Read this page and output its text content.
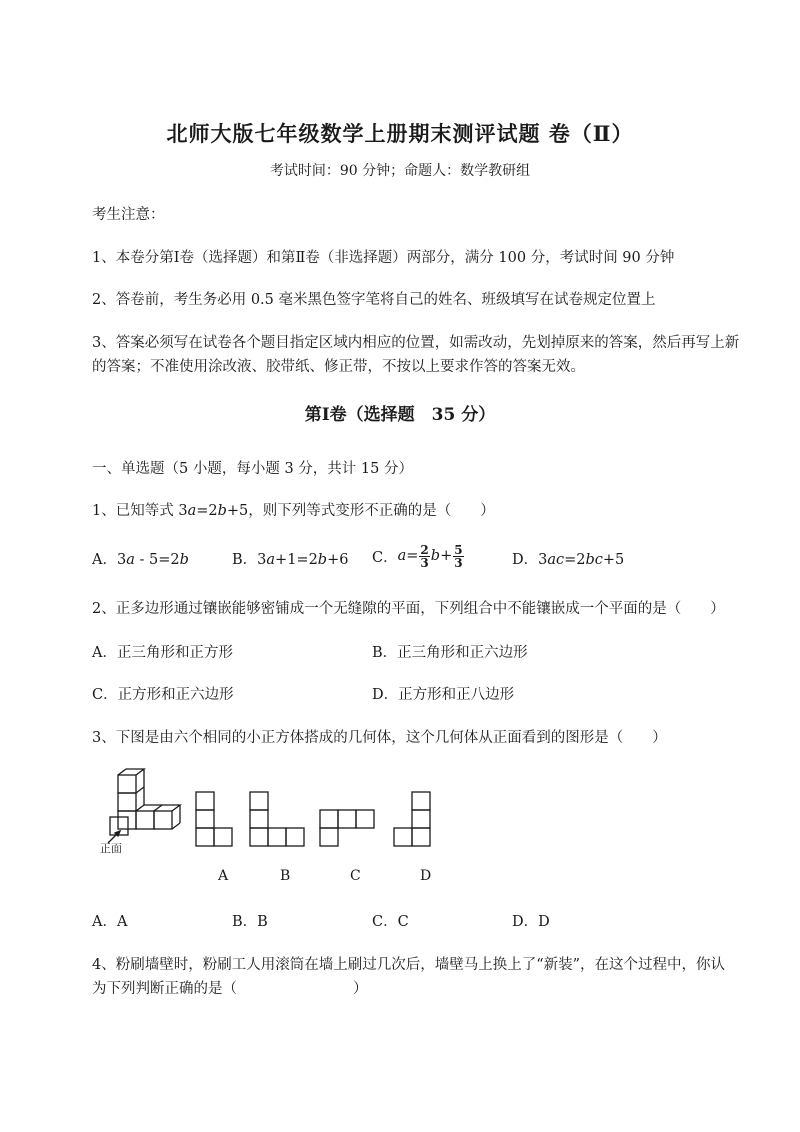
北师大版七年级数学上册期末测评试题 卷（Ⅱ）
考试时间：90 分钟；命题人：数学教研组
考生注意：
1、本卷分第Ⅰ卷（选择题）和第Ⅱ卷（非选择题）两部分，满分 100 分，考试时间 90 分钟
2、答卷前，考生务必用 0.5 毫米黑色签字笔将自己的姓名、班级填写在试卷规定位置上
3、答案必须写在试卷各个题目指定区域内相应的位置，如需改动，先划掉原来的答案，然后再写上新
的答案；不准使用涂改液、胶带纸、修正带，不按以上要求作答的答案无效。
第Ⅰ卷（选择题　35 分）
一、单选题（5 小题，每小题 3 分，共计 15 分）
1、已知等式 3a=2b+5，则下列等式变形不正确的是（　　）
A．3a - 5=2b	B．3a+1=2b+6 C． $a = \frac{2}{3}$ $b + \frac{5}{3}$	D．3ac=2bc+5
2、正多边形通过镶嵌能够密铺成一个无缝隙的平面，下列组合中不能镶嵌成一个平面的是（　　）
A．正三角形和正方形	B．正三角形和正六边形
C．正方形和正六边形	D．正方形和正八边形
3、下图是由六个相同的小正方体搭成的几何体，这个几何体从正面看到的图形是（　　）
正面
A	B	C	D
A．A	B．B	C．C	D．D
4、粉刷墙壁时，粉刷工人用滚筒在墙上刷过几次后，墙壁马上换上了“新装”，在这个过程中，你认
为下列判断正确的是（　　　　　　　　）
